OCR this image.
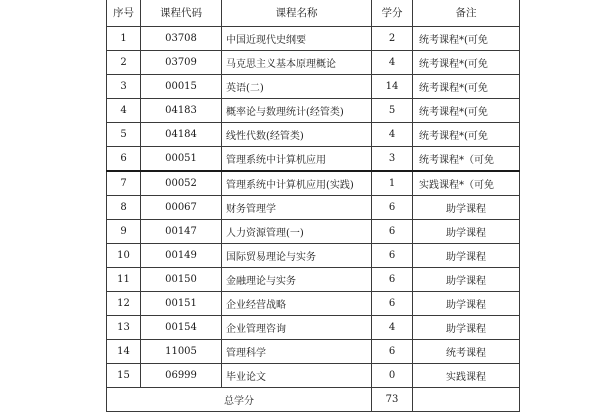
序号	课程代码	课程名称	学分	备注
1	03708	中国近现代史纲要	2	统考课程*(可免
2	03709	马克思主义基本原理概论	4	统考课程*(可免
3	00015	英语(二)	14	统考课程*(可免
4	04183	概率论与数理统计(经管类)	5	统考课程*(可免
5	04184	线性代数(经管类)	4	统考课程*(可免
6	00051	管理系统中计算机应用	3	统考课程*（可免
7	00052	管理系统中计算机应用(实践)	1	实践课程*（可免
8	00067	财务管理学	6	助学课程
9	00147	人力资源管理(一)	6	助学课程
10	00149	国际贸易理论与实务	6	助学课程
11	00150	金融理论与实务	6	助学课程
12	00151	企业经营战略	6	助学课程
13	00154	企业管理咨询	4	助学课程
14	11005	管理科学	6	统考课程
15	06999	毕业论文	0	实践课程
总学分			73	
